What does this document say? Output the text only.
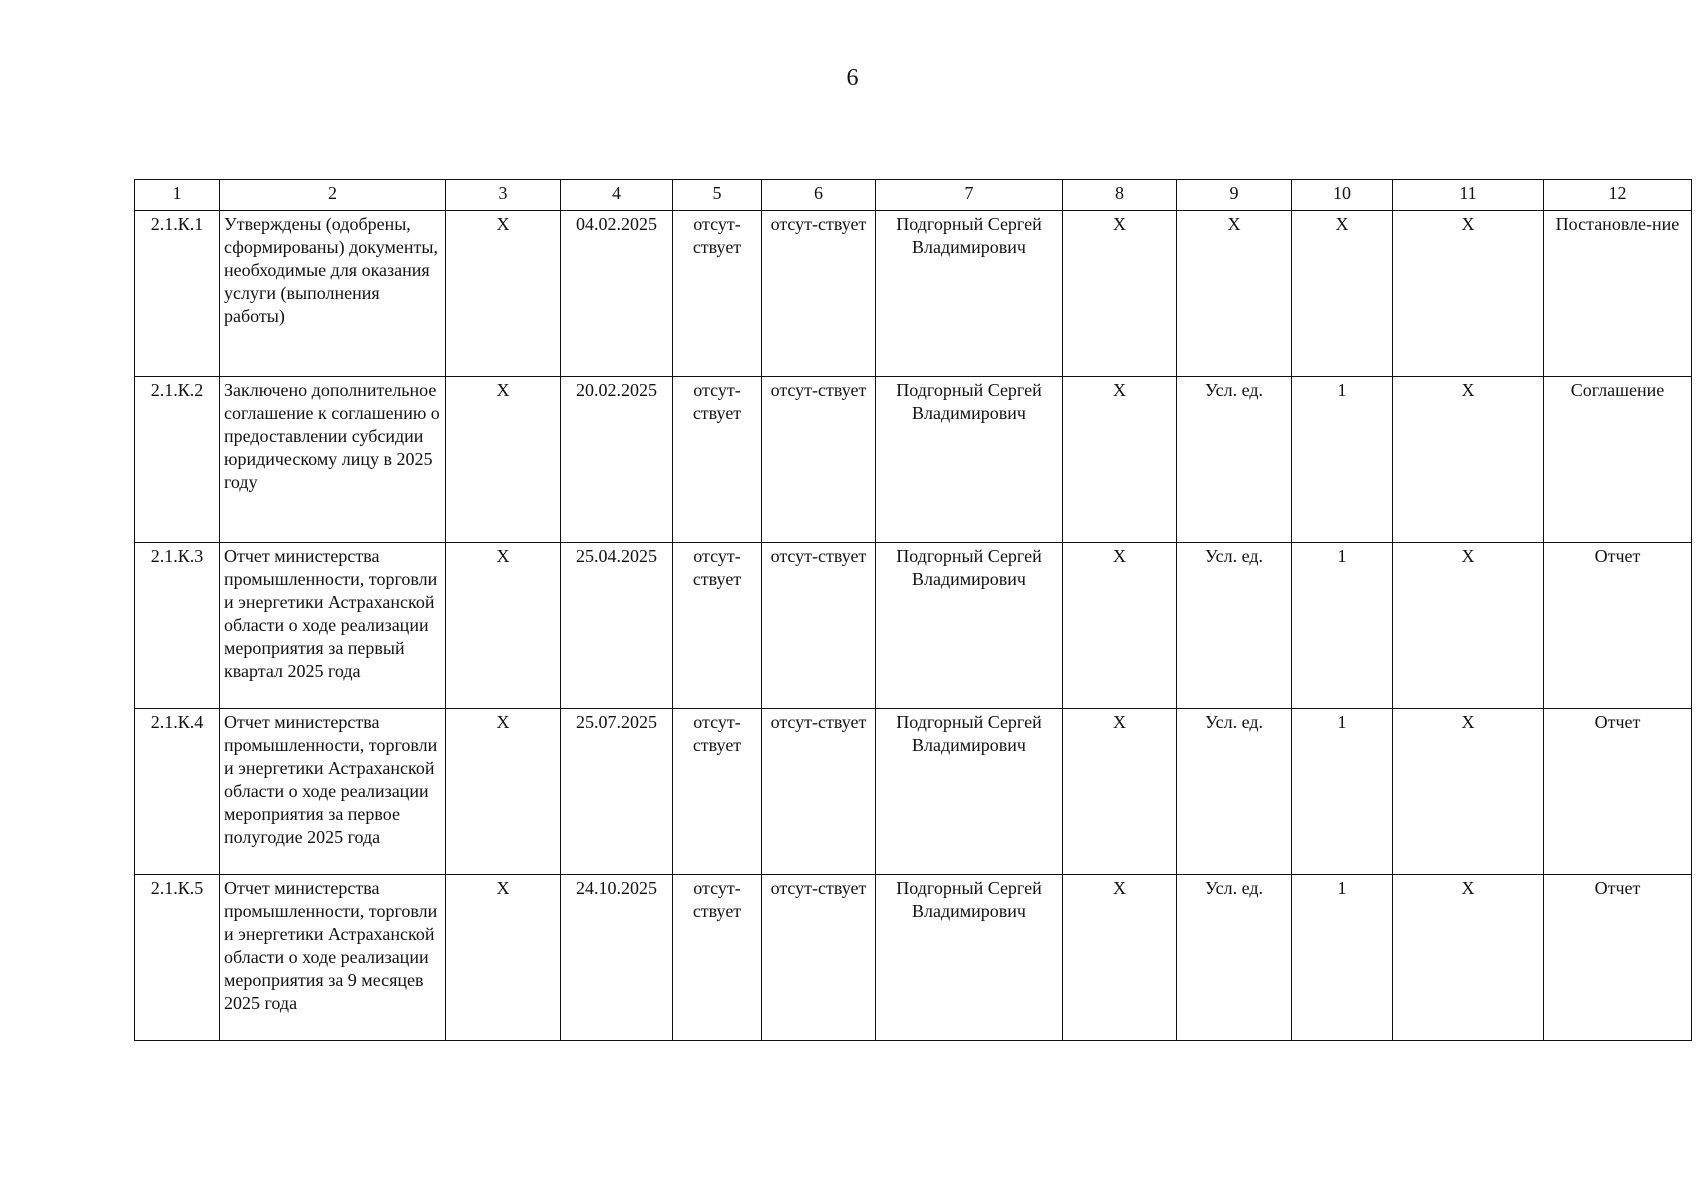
6
1	2	3	4	5	6	7	8	9	10	11	12
2.1.К.1	Утверждены (одобрены, сформированы) документы, необходимые для оказания услуги (выполнения работы)	X	04.02.2025	отсут-ствует	отсут-ствует	Подгорный Сергей Владимирович	X	X	X	X	Постановле-ние
2.1.К.2	Заключено дополнительное соглашение к соглашению о предоставлении субсидии юридическому лицу в 2025 году	X	20.02.2025	отсут-ствует	отсут-ствует	Подгорный Сергей Владимирович	X	Усл. ед.	1	X	Соглашение
2.1.К.3	Отчет министерства промышленности, торговли и энергетики Астраханской области о ходе реализации мероприятия за первый квартал 2025 года	X	25.04.2025	отсут-ствует	отсут-ствует	Подгорный Сергей Владимирович	X	Усл. ед.	1	X	Отчет
2.1.К.4	Отчет министерства промышленности, торговли и энергетики Астраханской области о ходе реализации мероприятия за первое полугодие 2025 года	X	25.07.2025	отсут-ствует	отсут-ствует	Подгорный Сергей Владимирович	X	Усл. ед.	1	X	Отчет
2.1.К.5	Отчет министерства промышленности, торговли и энергетики Астраханской области о ходе реализации мероприятия за 9 месяцев 2025 года	X	24.10.2025	отсут-ствует	отсут-ствует	Подгорный Сергей Владимирович	X	Усл. ед.	1	X	Отчет
